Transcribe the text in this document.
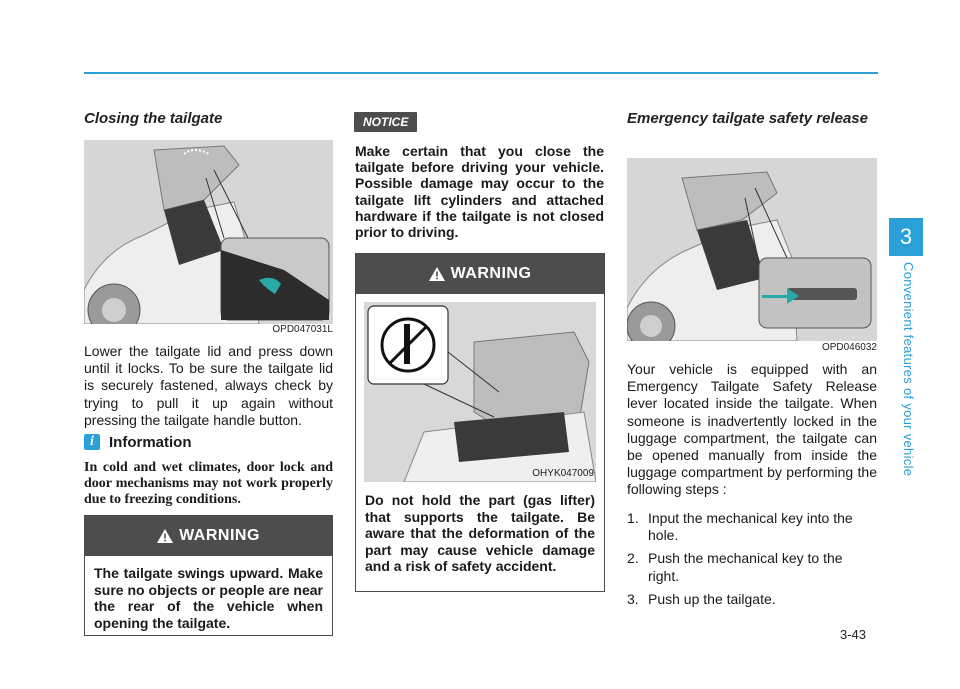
Closing the tailgate
OPD047031L
Lower the tailgate lid and press down until it locks. To be sure the tailgate lid is securely fastened, always check by trying to pull it up again without pressing the tailgate handle button.
i	Information
In cold and wet climates, door lock and door mechanisms may not work properly due to freezing conditions.
WARNING
The tailgate swings upward. Make sure no objects or people are near the rear of the vehicle when opening the tailgate.
NOTICE
Make certain that you close the tailgate before driving your vehicle. Possible damage may occur to the tailgate lift cylinders and attached hardware if the tailgate is not closed prior to driving.
WARNING
OHYK047009
Do not hold the part (gas lifter) that supports the tailgate. Be aware that the deformation of the part may cause vehicle damage and a risk of safety accident.
Emergency tailgate safety release
OPD046032
Your vehicle is equipped with an Emergency Tailgate Safety Release lever located inside the tailgate. When someone is inadvertently locked in the luggage compartment, the tailgate can be opened manually from inside the luggage compartment by performing the following steps :
1. Input the mechanical key into the hole.
2. Push the mechanical key to the right.
3. Push up the tailgate.
3
Convenient features of your vehicle
3-43
